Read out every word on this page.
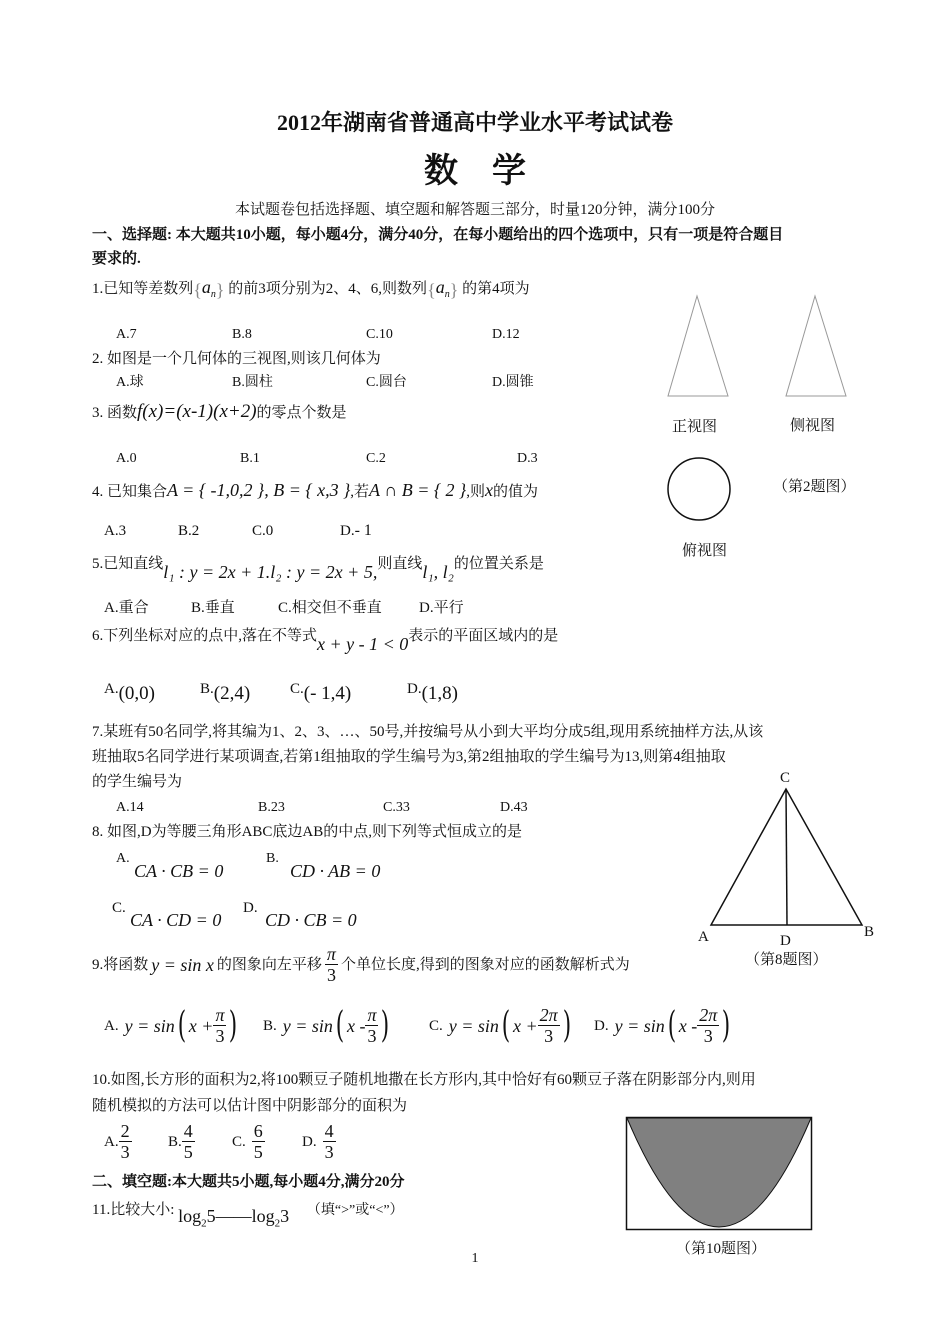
2012年湖南省普通高中学业水平考试试卷
数    学
本试题卷包括选择题、填空题和解答题三部分，时量120分钟，满分100分
一、选择题: 本大题共10小题，每小题4分，满分40分，在每小题给出的四个选项中，只有一项是符合题目
要求的.
1.已知等差数列$\{a_n\}$ 的前3项分别为2、4、6,则数列$\{a_n\}$ 的第4项为
A.7	B.8	C.10	D.12
2. 如图是一个几何体的三视图,则该几何体为
A.球	B.圆柱	C.圆台	D.圆锥
3. 函数f(x)=(x-1)(x+2)的零点个数是
A.0	B.1	C.2	D.3
4. 已知集合A = { -1,0,2 }, B = { x,3 },若A ∩ B = { 2 },则x的值为
A.3	B.2	C.0	D.- 1
5.已知直线l₁ : y = 2x + 1.l₂ : y = 2x + 5,则直线l₁, l₂的位置关系是
A.重合	B.垂直	C.相交但不垂直 D.平行
6.下列坐标对应的点中,落在不等式x + y - 1 < 0表示的平面区域内的是
A.(0,0)	B.(2,4)	C.(- 1,4)	D.(1,8)
7.某班有50名同学,将其编为1、2、3、…、50号,并按编号从小到大平均分成5组,现用系统抽样方法,从该
班抽取5名同学进行某项调查,若第1组抽取的学生编号为3,第2组抽取的学生编号为13,则第4组抽取
的学生编号为
A.14	B.23	C.33	D.43
8. 如图,D为等腰三角形ABC底边AB的中点,则下列等式恒成立的是
A.
CA · CB = 0
B.
CD · AB = 0
C.
CA · CD = 0
D.
CD · CB = 0
9.将函数 y = sin x 的图象向左平移 $\frac{\pi}{3}$ 个单位长度,得到的图象对应的函数解析式为
A. y = sin ( $x + \frac{\pi}{3}$ ) B. y = sin ( x - $\frac{\pi}{3}$ )	C. y = sin ( $x + \frac{2\pi}{3}$ ) D. y = sin ( x - $\frac{2\pi}{3}$ )
10.如图,长方形的面积为2,将100颗豆子随机地撒在长方形内,其中恰好有60颗豆子落在阴影部分内,则用
随机模拟的方法可以估计图中阴影部分的面积为
A. $\frac{2}{3} B$. $\frac{4}{5} C$. $\frac{6}{5} D$. $\frac{4}{3}$
二、填空题:本大题共5小题,每小题4分,满分20分
11.比较大小: $\log_25——\log_23$ （填“>”或“<”）
正视图	侧视图
（第2题图）
俯视图
C
A	B
D
（第8题图）
（第10题图）
1
